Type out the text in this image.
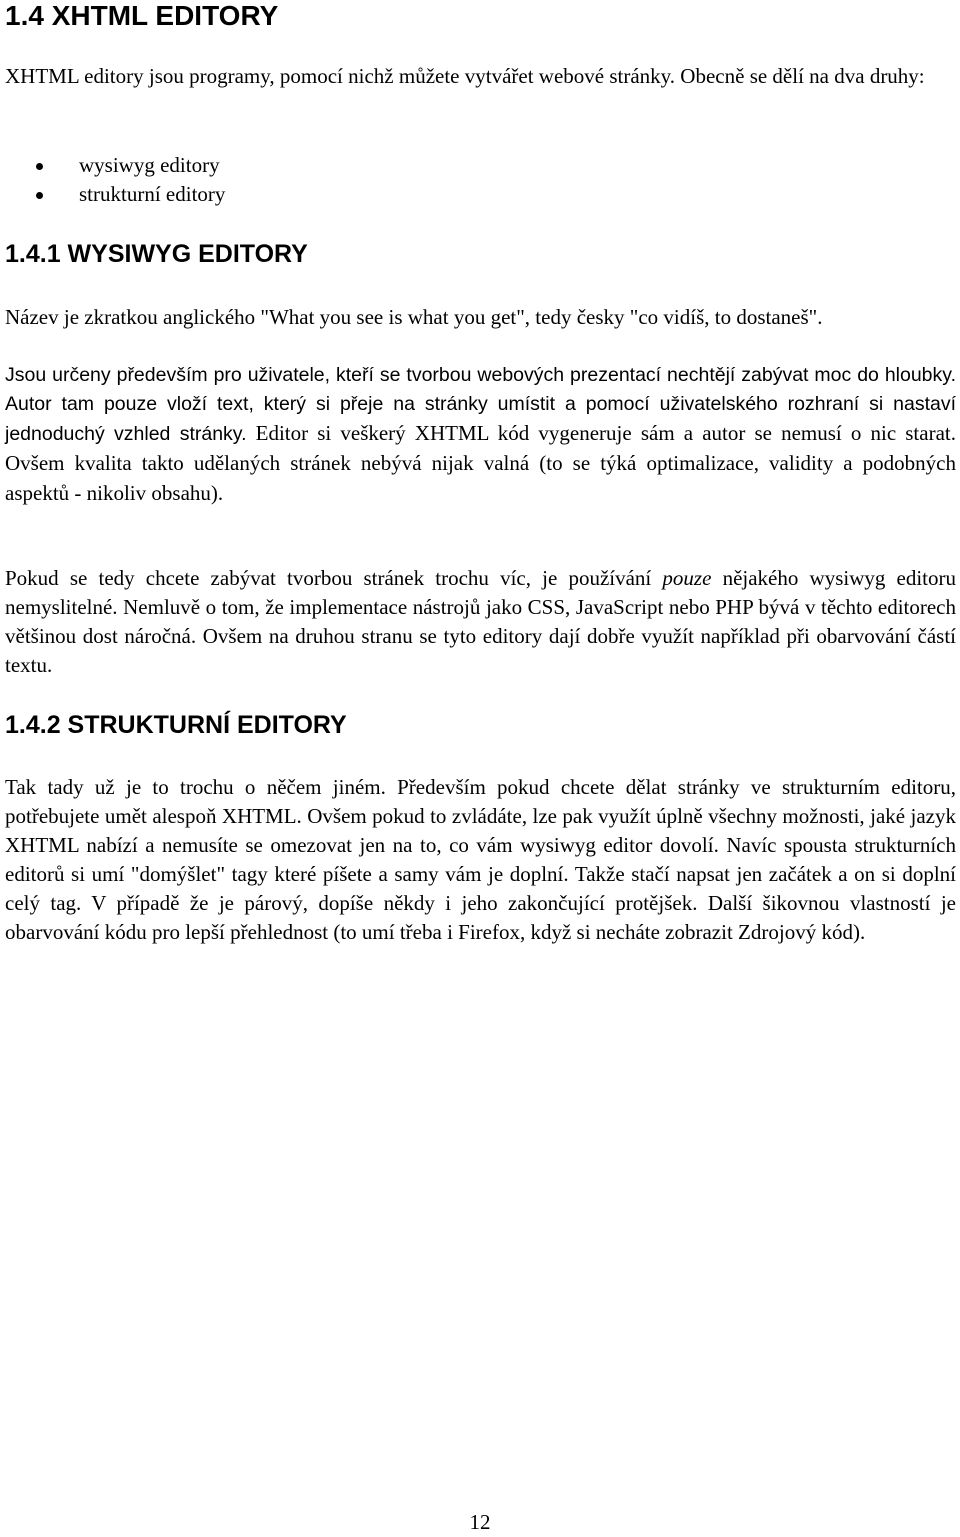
1.4 XHTML EDITORY

XHTML editory jsou programy, pomocí nichž můžete vytvářet webové stránky. Obecně se dělí na dva druhy:

wysiwyg editory
strukturní editory
1.4.1 WYSIWYG EDITORY

Název je zkratkou anglického "What you see is what you get", tedy česky "co vidíš, to dostaneš".

Jsou určeny především pro uživatele, kteří se tvorbou webových prezentací nechtějí zabývat moc do hloubky. Autor tam pouze vloží text, který si přeje na stránky umístit a pomocí uživatelského rozhraní si nastaví jednoduchý vzhled stránky. Editor si veškerý XHTML kód vygeneruje sám a autor se nemusí o nic starat. Ovšem kvalita takto udělaných stránek nebývá nijak valná (to se týká optimalizace, validity a podobných aspektů - nikoliv obsahu).

Pokud se tedy chcete zabývat tvorbou stránek trochu víc, je používání pouze nějakého wysiwyg editoru nemyslitelné. Nemluvě o tom, že implementace nástrojů jako CSS, JavaScript nebo PHP bývá v těchto editorech většinou dost náročná. Ovšem na druhou stranu se tyto editory dají dobře využít například při obarvování částí textu.

1.4.2 STRUKTURNÍ EDITORY

Tak tady už je to trochu o něčem jiném. Především pokud chcete dělat stránky ve strukturním editoru, potřebujete umět alespoň XHTML. Ovšem pokud to zvládáte, lze pak využít úplně všechny možnosti, jaké jazyk XHTML nabízí a nemusíte se omezovat jen na to, co vám wysiwyg editor dovolí. Navíc spousta strukturních editorů si umí "domýšlet" tagy které píšete a samy vám je doplní. Takže stačí napsat jen začátek a on si doplní celý tag. V případě že je párový, dopíše někdy i jeho zakončující protějšek. Další šikovnou vlastností je obarvování kódu pro lepší přehlednost (to umí třeba i Firefox, když si necháte zobrazit Zdrojový kód).

12
